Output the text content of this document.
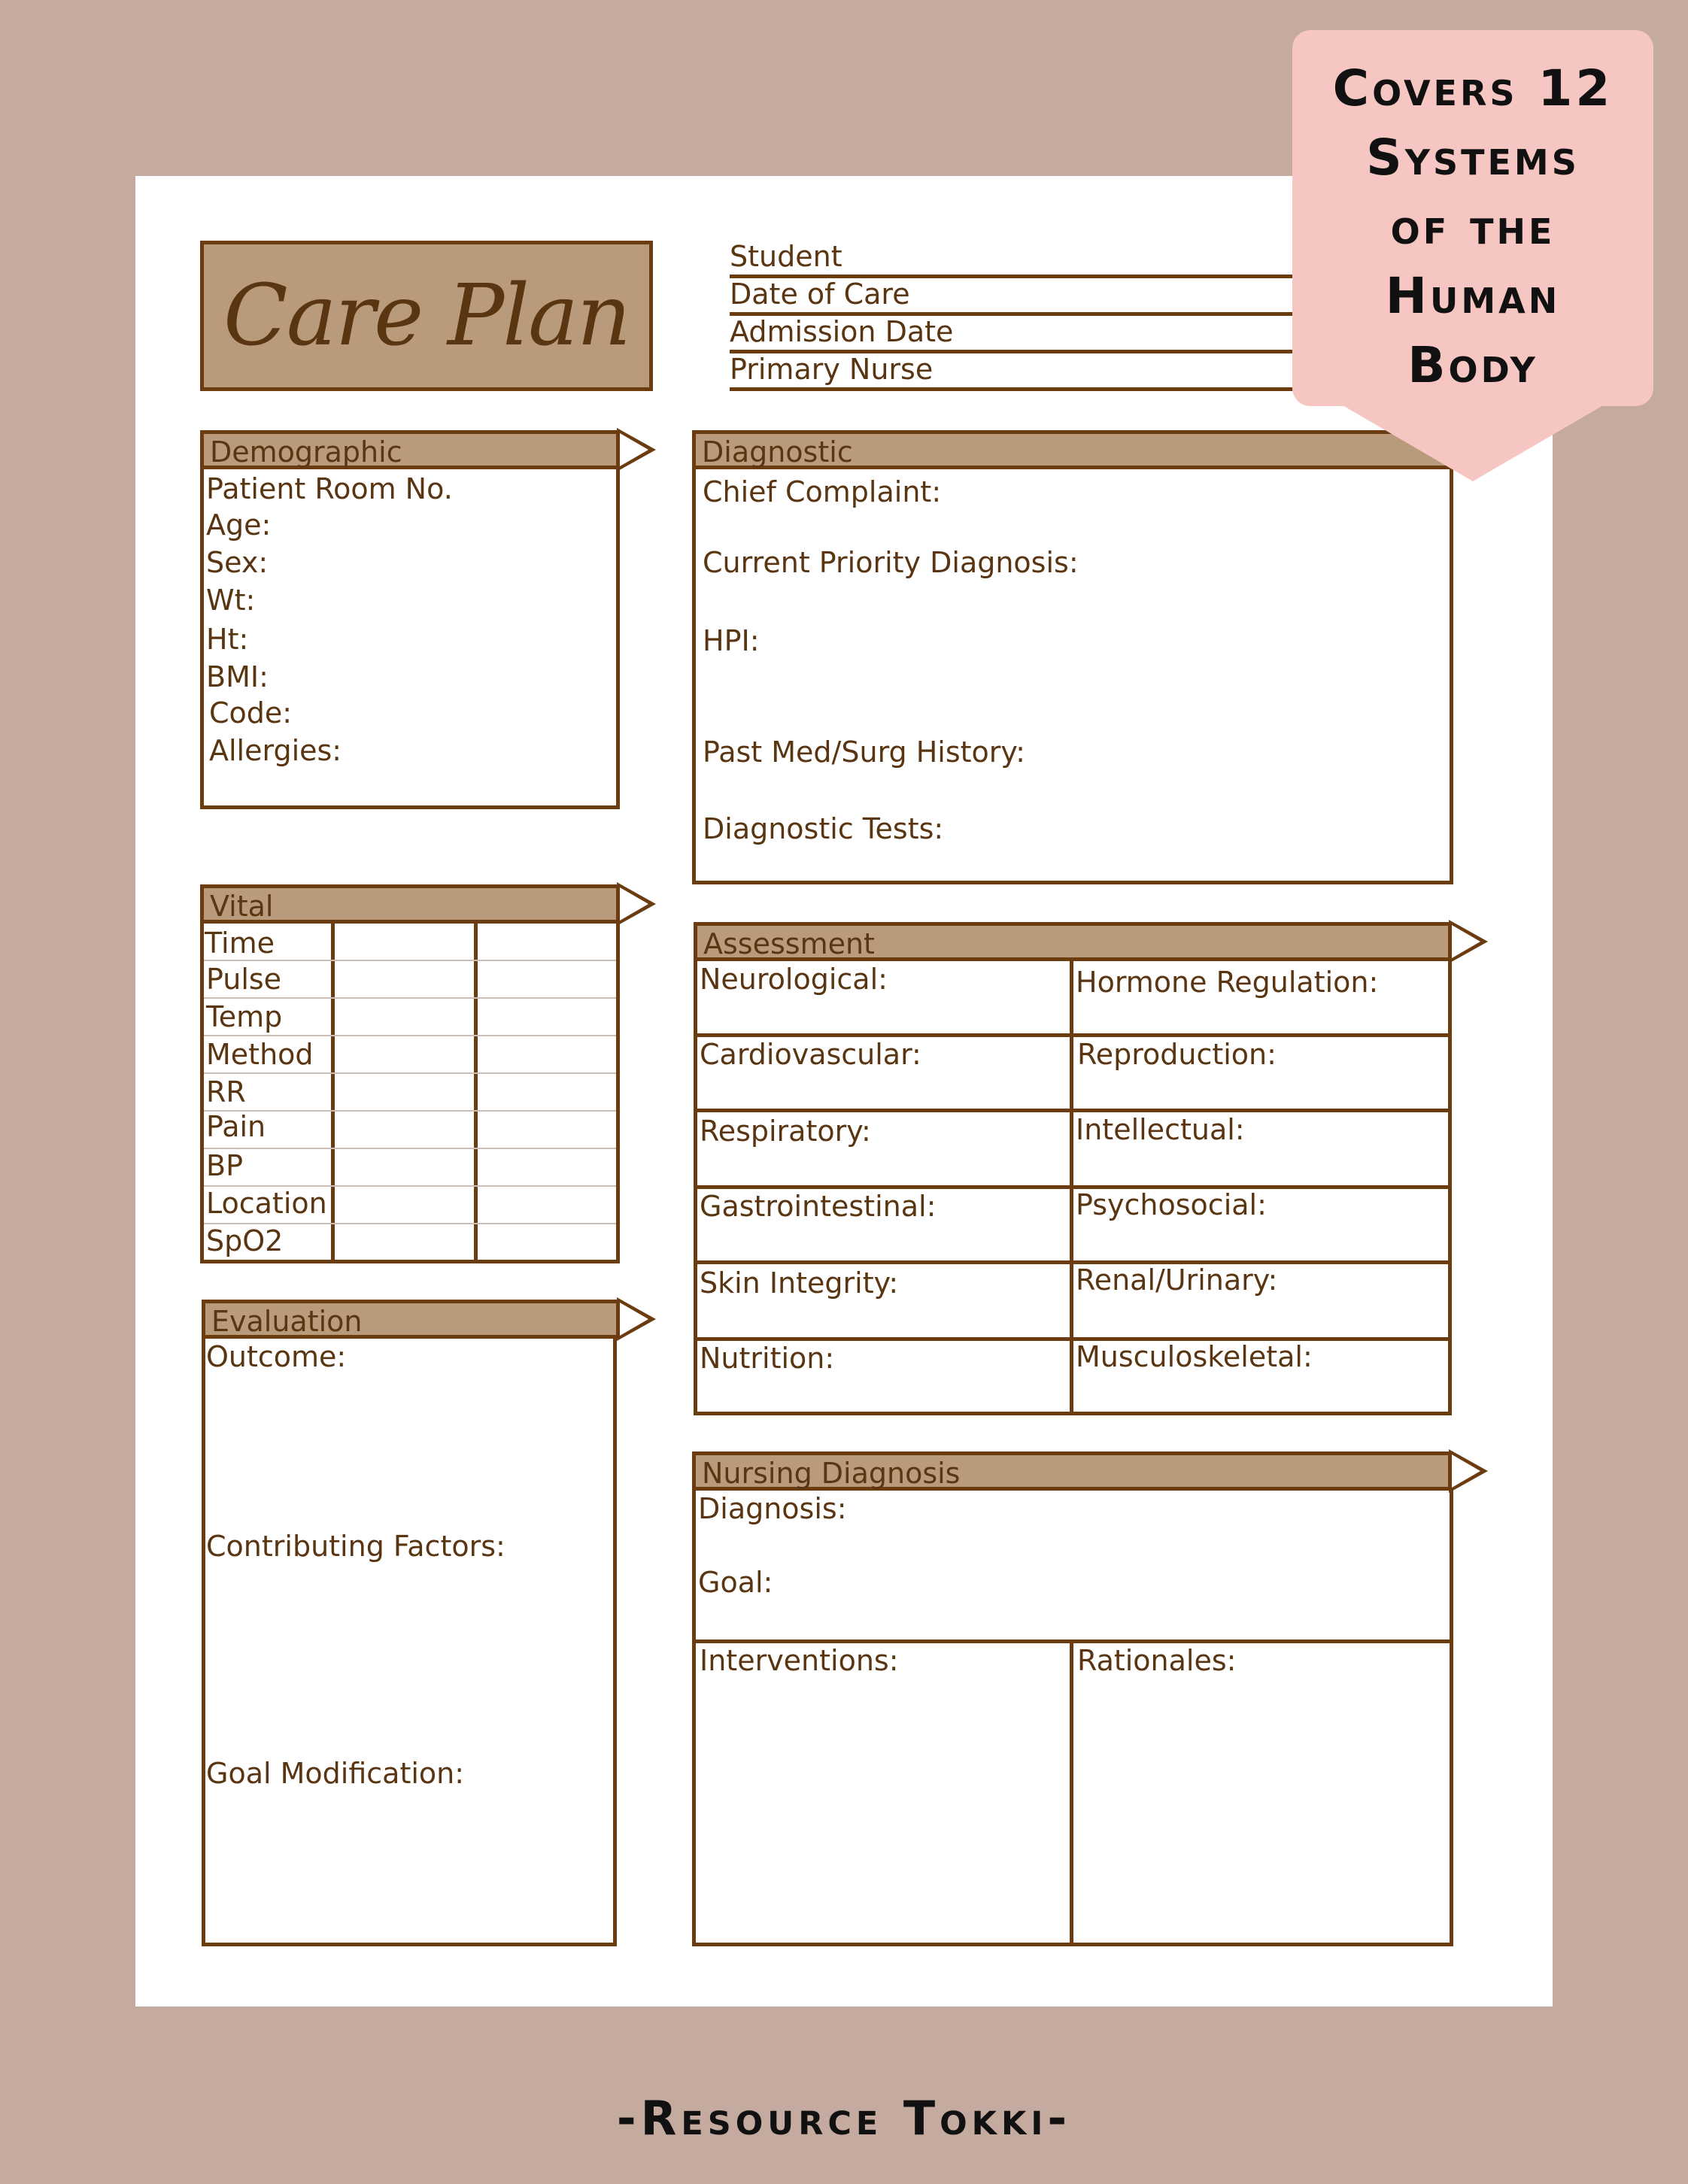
Care Plan
Student
Date of Care
Admission Date
Primary Nurse
Demographic
Patient Room No.
Age:
Sex:
Wt:
Ht:
BMI:
Code:
Allergies:
Diagnostic
Chief Complaint:
Current Priority Diagnosis:
HPI:
Past Med/Surg History:
Diagnostic Tests:
Vital
Time
Pulse
Temp
Method
RR
Pain
BP
Location
SpO2
Assessment
Neurological:
Cardiovascular:
Respiratory:
Gastrointestinal:
Skin Integrity:
Nutrition:
Hormone Regulation:
Reproduction:
Intellectual:
Psychosocial:
Renal/Urinary:
Musculoskeletal:
Evaluation
Outcome:
Contributing Factors:
Goal Modification:
Nursing Diagnosis
Diagnosis:
Goal:
Interventions:	Rationales:
Covers 12
Systems
of the
Human
Body
-Resource Tokki-
